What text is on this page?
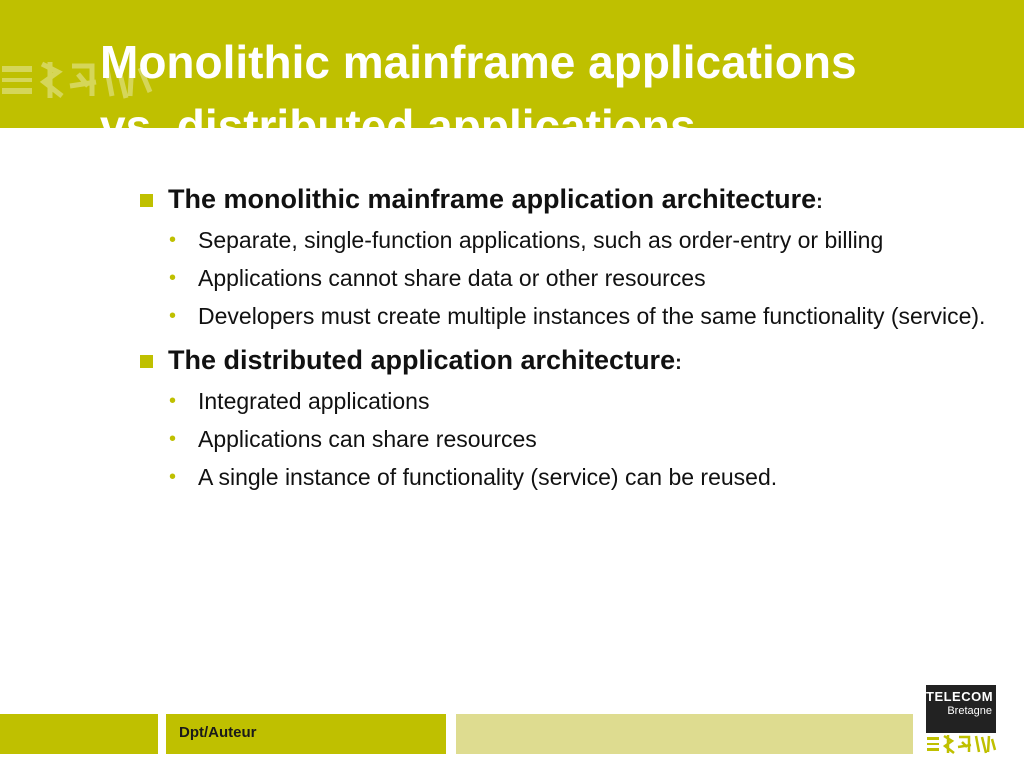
Monolithic mainframe applications
vs. distributed applications based on
The monolithic mainframe application architecture:
• Separate, single-function applications, such as order-entry or billing
• Applications cannot share data or other resources
• Developers must create multiple instances of the same functionality (service).
The distributed application architecture:
• Integrated applications
• Applications can share resources
• A single instance of functionality (service) can be reused.
Dpt/Auteur
TELECOM
Bretagne
